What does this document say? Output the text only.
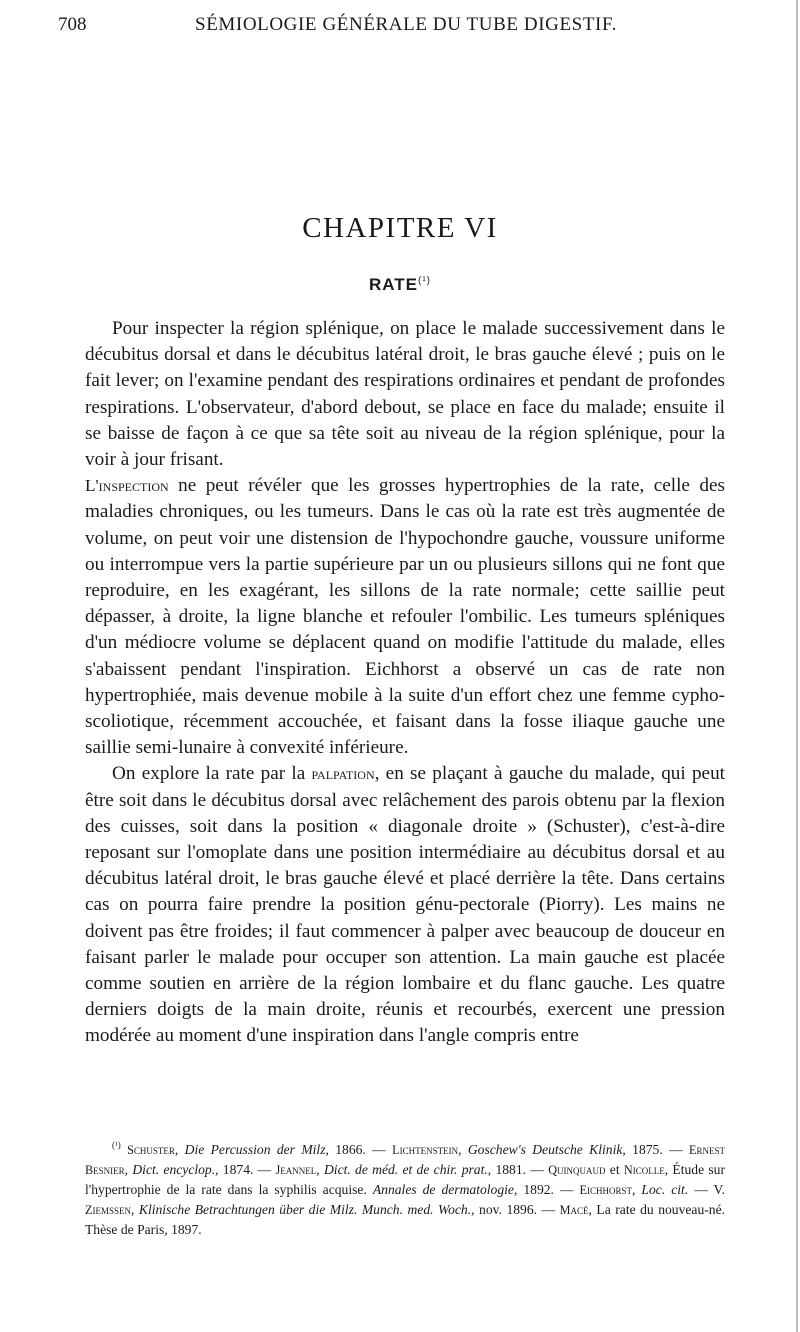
708	SÉMIOLOGIE GÉNÉRALE DU TUBE DIGESTIF.
CHAPITRE VI
$RATE^{(^1)}$

Pour inspecter la région splénique, on place le malade successivement dans le décubitus dorsal et dans le décubitus latéral droit, le bras gauche élevé ; puis on le fait lever; on l'examine pendant des respirations ordinaires et pendant de profondes respirations. L'observateur, d'abord debout, se place en face du malade; ensuite il se baisse de façon à ce que sa tête soit au niveau de la région splénique, pour la voir à jour frisant.
L'inspection ne peut révéler que les grosses hypertrophies de la rate, celle des maladies chroniques, ou les tumeurs. Dans le cas où la rate est très augmentée de volume, on peut voir une distension de l'hypochondre gauche, voussure uniforme ou interrompue vers la partie supérieure par un ou plusieurs sillons qui ne font que reproduire, en les exagérant, les sillons de la rate normale; cette saillie peut dépasser, à droite, la ligne blanche et refouler l'ombilic. Les tumeurs spléniques d'un médiocre volume se déplacent quand on modifie l'attitude du malade, elles s'abaissent pendant l'inspiration. Eichhorst a observé un cas de rate non hypertrophiée, mais devenue mobile à la suite d'un effort chez une femme cypho-scoliotique, récemment accouchée, et faisant dans la fosse iliaque gauche une saillie semi-lunaire à convexité inférieure.

On explore la rate par la palpation, en se plaçant à gauche du malade, qui peut être soit dans le décubitus dorsal avec relâchement des parois obtenu par la flexion des cuisses, soit dans la position « diagonale droite » (Schuster), c'est-à-dire reposant sur l'omoplate dans une position intermédiaire au décubitus dorsal et au décubitus latéral droit, le bras gauche élevé et placé derrière la tête. Dans certains cas on pourra faire prendre la position génu-pectorale (Piorry). Les mains ne doivent pas être froides; il faut commencer à palper avec beaucoup de douceur en faisant parler le malade pour occuper son attention. La main gauche est placée comme soutien en arrière de la région lombaire et du flanc gauche. Les quatre derniers doigts de la main droite, réunis et recourbés, exercent une pression modérée au moment d'une inspiration dans l'angle compris entre

$^{(^1)}$ Schuster, Die Percussion der Milz, 1866. — Lichtenstein, Goschew's Deutsche Klinik, 1875. — Ernest Besnier, Dict. encyclop., 1874. — Jeannel, Dict. de méd. et de chir. prat., 1881. — Quinquaud et Nicolle, Étude sur l'hypertrophie de la rate dans la syphilis acquise. Annales de dermatologie, 1892. — Eichhorst, Loc. cit. — V. Ziemssen, Klinische Betrachtungen über die Milz. Munch. med. Woch., nov. 1896. — Macé, La rate du nouveau-né. Thèse de Paris, 1897.
